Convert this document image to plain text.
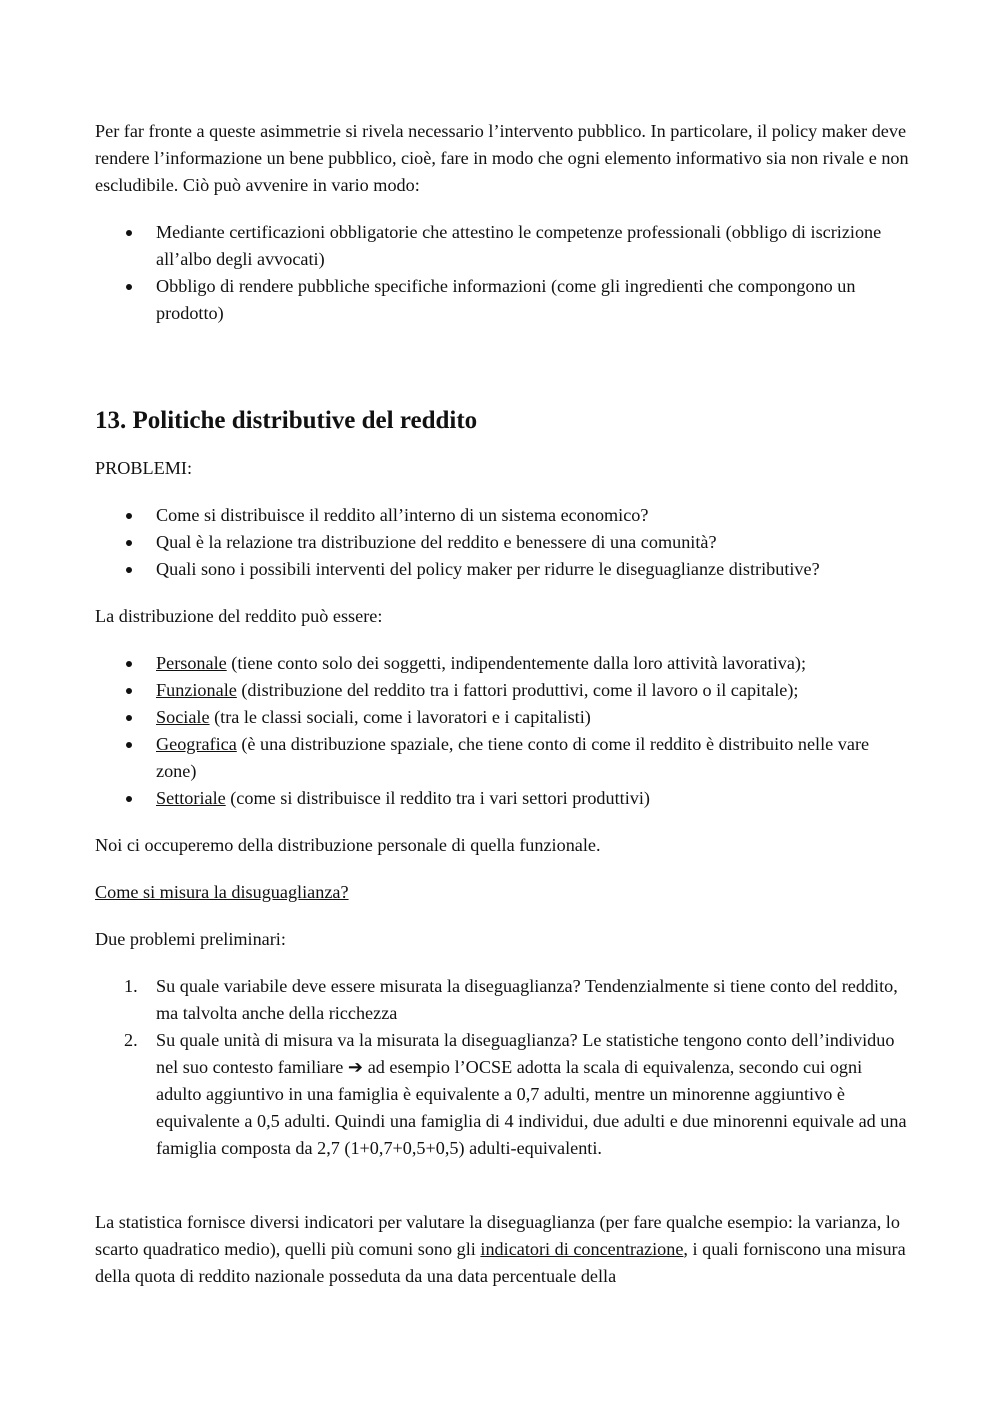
Per far fronte a queste asimmetrie si rivela necessario l’intervento pubblico. In particolare, il policy maker deve rendere l’informazione un bene pubblico, cioè, fare in modo che ogni elemento informativo sia non rivale e non escludibile. Ciò può avvenire in vario modo:

Mediante certificazioni obbligatorie che attestino le competenze professionali (obbligo di iscrizione all’albo degli avvocati)
Obbligo di rendere pubbliche specifiche informazioni (come gli ingredienti che compongono un prodotto)
13. Politiche distributive del reddito

PROBLEMI:

Come si distribuisce il reddito all’interno di un sistema economico?
Qual è la relazione tra distribuzione del reddito e benessere di una comunità?
Quali sono i possibili interventi del policy maker per ridurre le diseguaglianze distributive?

La distribuzione del reddito può essere:

Personale (tiene conto solo dei soggetti, indipendentemente dalla loro attività lavorativa);
Funzionale (distribuzione del reddito tra i fattori produttivi, come il lavoro o il capitale);
Sociale (tra le classi sociali, come i lavoratori e i capitalisti)
Geografica (è una distribuzione spaziale, che tiene conto di come il reddito è distribuito nelle vare zone)
Settoriale (come si distribuisce il reddito tra i vari settori produttivi)

Noi ci occuperemo della distribuzione personale di quella funzionale.

Come si misura la disuguaglianza?

Due problemi preliminari:

1. Su quale variabile deve essere misurata la diseguaglianza? Tendenzialmente si tiene conto del reddito, ma talvolta anche della ricchezza
2. Su quale unità di misura va la misurata la diseguaglianza? Le statistiche tengono conto dell’individuo nel suo contesto familiare ➔ ad esempio l’OCSE adotta la scala di equivalenza, secondo cui ogni adulto aggiuntivo in una famiglia è equivalente a 0,7 adulti, mentre un minorenne aggiuntivo è equivalente a 0,5 adulti. Quindi una famiglia di 4 individui, due adulti e due minorenni equivale ad una famiglia composta da 2,7 (1+0,7+0,5+0,5) adulti-equivalenti.

La statistica fornisce diversi indicatori per valutare la diseguaglianza (per fare qualche esempio: la varianza, lo scarto quadratico medio), quelli più comuni sono gli indicatori di concentrazione, i quali forniscono una misura della quota di reddito nazionale posseduta da una data percentuale della
